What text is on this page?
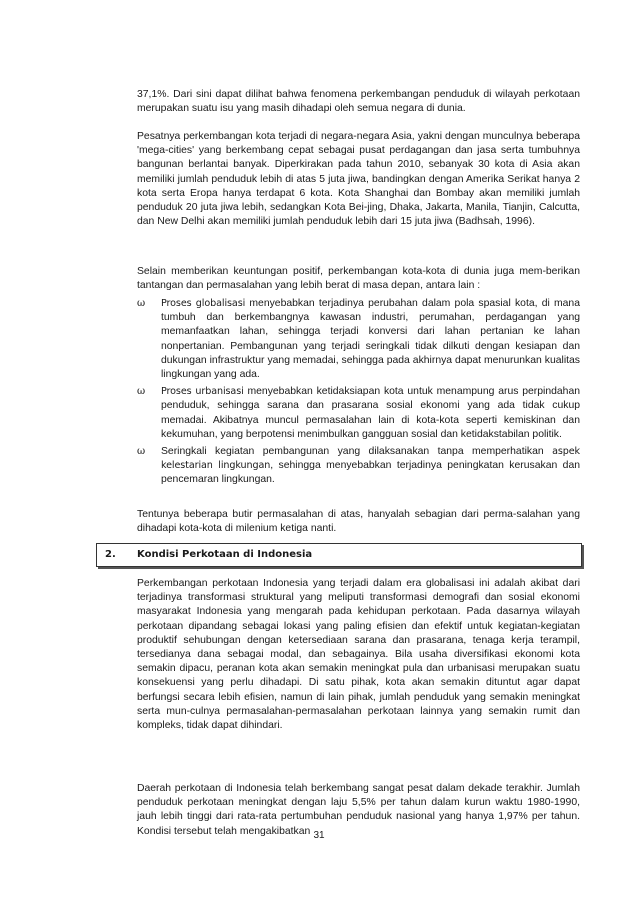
37,1%. Dari sini dapat dilihat bahwa fenomena perkembangan penduduk di wilayah perkotaan merupakan suatu isu yang masih dihadapi oleh semua negara di dunia.

Pesatnya perkembangan kota terjadi di negara-negara Asia, yakni dengan munculnya beberapa 'mega-cities' yang berkembang cepat sebagai pusat perdagangan dan jasa serta tumbuhnya bangunan berlantai banyak. Diperkirakan pada tahun 2010, sebanyak 30 kota di Asia akan memiliki jumlah penduduk lebih di atas 5 juta jiwa, bandingkan dengan Amerika Serikat hanya 2 kota serta Eropa hanya terdapat 6 kota. Kota Shanghai dan Bombay akan memiliki jumlah penduduk 20 juta jiwa lebih, sedangkan Kota Bei-jing, Dhaka, Jakarta, Manila, Tianjin, Calcutta, dan New Delhi akan memiliki jumlah penduduk lebih dari 15 juta jiwa (Badhsah, 1996).

Selain memberikan keuntungan positif, perkembangan kota-kota di dunia juga mem-berikan tantangan dan permasalahan yang lebih berat di masa depan, antara lain :

ω Proses globalisasi menyebabkan terjadinya perubahan dalam pola spasial kota, di mana tumbuh dan berkembangnya kawasan industri, perumahan, perdagangan yang memanfaatkan lahan, sehingga terjadi konversi dari lahan pertanian ke lahan nonpertanian. Pembangunan yang terjadi seringkali tidak dilkuti dengan kesiapan dan dukungan infrastruktur yang memadai, sehingga pada akhirnya dapat menurunkan kualitas lingkungan yang ada.
ω Proses urbanisasi menyebabkan ketidaksiapan kota untuk menampung arus perpindahan penduduk, sehingga sarana dan prasarana sosial ekonomi yang ada tidak cukup memadai. Akibatnya muncul permasalahan lain di kota-kota seperti kemiskinan dan kekumuhan, yang berpotensi menimbulkan gangguan sosial dan ketidakstabilan politik.
ω Seringkali kegiatan pembangunan yang dilaksanakan tanpa memperhatikan aspek kelestarian lingkungan, sehingga menyebabkan terjadinya peningkatan kerusakan dan pencemaran lingkungan.

Tentunya beberapa butir permasalahan di atas, hanyalah sebagian dari perma-salahan yang dihadapi kota-kota di milenium ketiga nanti.

2. Kondisi Perkotaan di Indonesia

Perkembangan perkotaan Indonesia yang terjadi dalam era globalisasi ini adalah akibat dari terjadinya transformasi struktural yang meliputi transformasi demografi dan sosial ekonomi masyarakat Indonesia yang mengarah pada kehidupan perkotaan. Pada dasarnya wilayah perkotaan dipandang sebagai lokasi yang paling efisien dan efektif untuk kegiatan-kegiatan produktif sehubungan dengan ketersediaan sarana dan prasarana, tenaga kerja terampil, tersedianya dana sebagai modal, dan sebagainya. Bila usaha diversifikasi ekonomi kota semakin dipacu, peranan kota akan semakin meningkat pula dan urbanisasi merupakan suatu konsekuensi yang perlu dihadapi. Di satu pihak, kota akan semakin dituntut agar dapat berfungsi secara lebih efisien, namun di lain pihak, jumlah penduduk yang semakin meningkat serta mun-culnya permasalahan-permasalahan perkotaan lainnya yang semakin rumit dan kompleks, tidak dapat dihindari.

Daerah perkotaan di Indonesia telah berkembang sangat pesat dalam dekade terakhir. Jumlah penduduk perkotaan meningkat dengan laju 5,5% per tahun dalam kurun waktu 1980-1990, jauh lebih tinggi dari rata-rata pertumbuhan penduduk nasional yang hanya 1,97% per tahun. Kondisi tersebut telah mengakibatkan 31
